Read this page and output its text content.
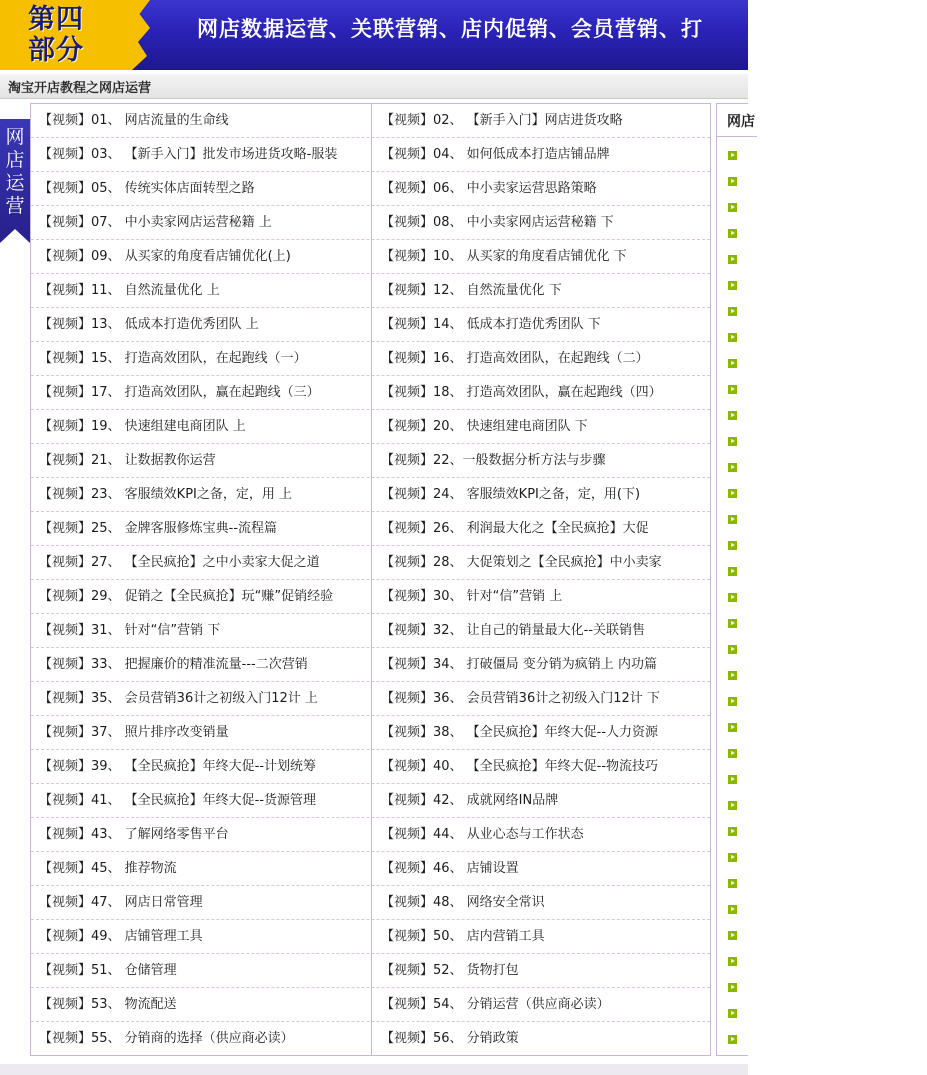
第四
部分
网店数据运营、关联营销、店内促销、会员营销、打
淘宝开店教程之网店运营
网店运营
【视频】01、 网店流量的生命线	【视频】02、 【新手入门】网店进货攻略
【视频】03、 【新手入门】批发市场进货攻略-服装	【视频】04、 如何低成本打造店铺品牌
【视频】05、 传统实体店面转型之路	【视频】06、 中小卖家运营思路策略
【视频】07、 中小卖家网店运营秘籍 上	【视频】08、 中小卖家网店运营秘籍 下
【视频】09、 从买家的角度看店铺优化(上)	【视频】10、 从买家的角度看店铺优化 下
【视频】11、 自然流量优化 上	【视频】12、 自然流量优化 下
【视频】13、 低成本打造优秀团队 上	【视频】14、 低成本打造优秀团队 下
【视频】15、 打造高效团队，在起跑线（一）	【视频】16、 打造高效团队，在起跑线（二）
【视频】17、 打造高效团队，赢在起跑线（三）	【视频】18、 打造高效团队，赢在起跑线（四）
【视频】19、 快速组建电商团队 上	【视频】20、 快速组建电商团队 下
【视频】21、 让数据教你运营	【视频】22、一般数据分析方法与步骤
【视频】23、 客服绩效KPI之备，定，用 上	【视频】24、 客服绩效KPI之备，定，用(下)
【视频】25、 金牌客服修炼宝典--流程篇	【视频】26、 利润最大化之【全民疯抢】大促
【视频】27、 【全民疯抢】之中小卖家大促之道	【视频】28、 大促策划之【全民疯抢】中小卖家
【视频】29、 促销之【全民疯抢】玩“赚”促销经验	【视频】30、 针对“信”营销 上
【视频】31、 针对“信”营销 下	【视频】32、 让自己的销量最大化--关联销售
【视频】33、 把握廉价的精准流量---二次营销	【视频】34、 打破僵局 变分销为疯销上 内功篇
【视频】35、 会员营销36计之初级入门12计 上	【视频】36、 会员营销36计之初级入门12计 下
【视频】37、 照片排序改变销量	【视频】38、 【全民疯抢】年终大促--人力资源
【视频】39、 【全民疯抢】年终大促--计划统筹	【视频】40、 【全民疯抢】年终大促--物流技巧
【视频】41、 【全民疯抢】年终大促--货源管理	【视频】42、 成就网络IN品牌
【视频】43、 了解网络零售平台	【视频】44、 从业心态与工作状态
【视频】45、 推荐物流	【视频】46、 店铺设置
【视频】47、 网店日常管理	【视频】48、 网络安全常识
【视频】49、 店铺管理工具	【视频】50、 店内营销工具
【视频】51、 仓储管理	【视频】52、 货物打包
【视频】53、 物流配送	【视频】54、 分销运营（供应商必读）
【视频】55、 分销商的选择（供应商必读）	【视频】56、 分销政策
网店
